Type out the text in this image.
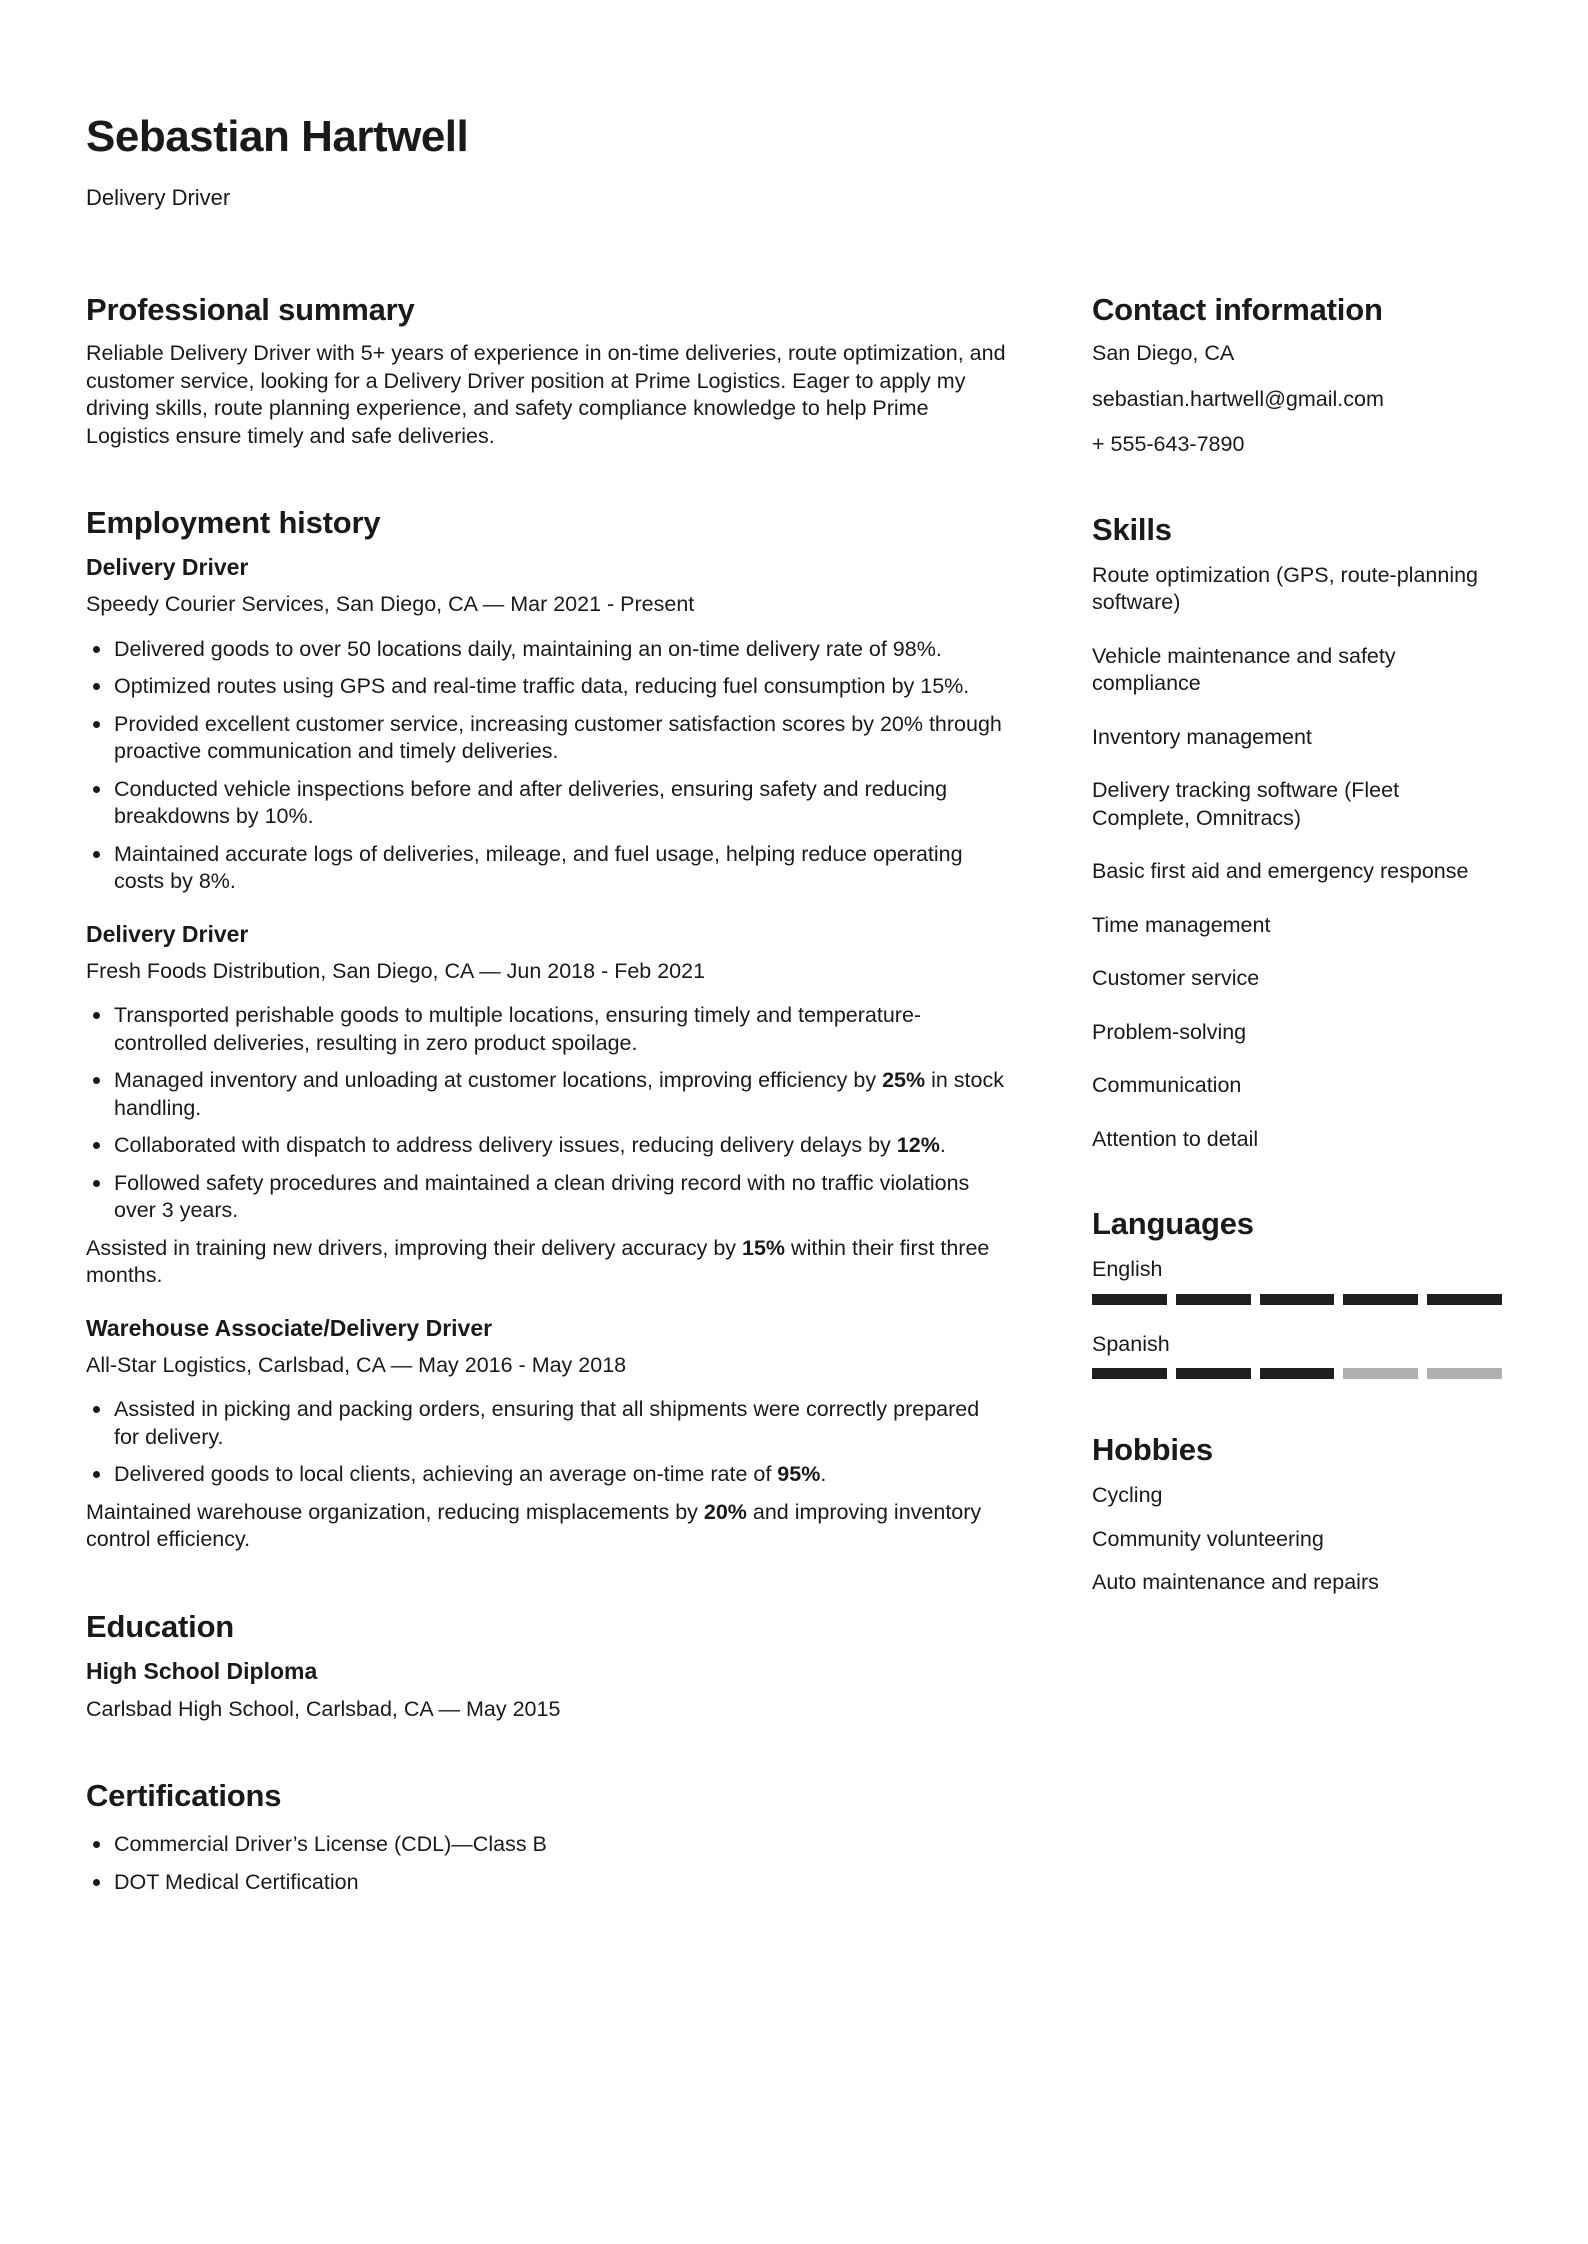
Sebastian Hartwell
Delivery Driver
Professional summary

Reliable Delivery Driver with 5+ years of experience in on-time deliveries, route optimization, and customer service, looking for a Delivery Driver position at Prime Logistics. Eager to apply my driving skills, route planning experience, and safety compliance knowledge to help Prime Logistics ensure timely and safe deliveries.

Employment history
Delivery Driver

Speedy Courier Services, San Diego, CA — Mar 2021 - Present

Delivered goods to over 50 locations daily, maintaining an on-time delivery rate of 98%.
Optimized routes using GPS and real-time traffic data, reducing fuel consumption by 15%.
Provided excellent customer service, increasing customer satisfaction scores by 20% through proactive communication and timely deliveries.
Conducted vehicle inspections before and after deliveries, ensuring safety and reducing breakdowns by 10%.
Maintained accurate logs of deliveries, mileage, and fuel usage, helping reduce operating costs by 8%.
Delivery Driver

Fresh Foods Distribution, San Diego, CA — Jun 2018 - Feb 2021

Transported perishable goods to multiple locations, ensuring timely and temperature-controlled deliveries, resulting in zero product spoilage.
Managed inventory and unloading at customer locations, improving efficiency by 25% in stock handling.
Collaborated with dispatch to address delivery issues, reducing delivery delays by 12%.
Followed safety procedures and maintained a clean driving record with no traffic violations over 3 years.

Assisted in training new drivers, improving their delivery accuracy by 15% within their first three months.

Warehouse Associate/Delivery Driver

All-Star Logistics, Carlsbad, CA — May 2016 - May 2018

Assisted in picking and packing orders, ensuring that all shipments were correctly prepared for delivery.
Delivered goods to local clients, achieving an average on-time rate of 95%.

Maintained warehouse organization, reducing misplacements by 20% and improving inventory control efficiency.

Education
High School Diploma

Carlsbad High School, Carlsbad, CA — May 2015

Certifications
Commercial Driver’s License (CDL)—Class B
DOT Medical Certification
Contact information
San Diego, CA
sebastian.hartwell@gmail.com
+ 555-643-7890
Skills
Route optimization (GPS, route-planning software)
Vehicle maintenance and safety compliance
Inventory management
Delivery tracking software (Fleet Complete, Omnitracs)
Basic first aid and emergency response
Time management
Customer service
Problem-solving
Communication
Attention to detail
Languages
English
Spanish
Hobbies
Cycling
Community volunteering
Auto maintenance and repairs
